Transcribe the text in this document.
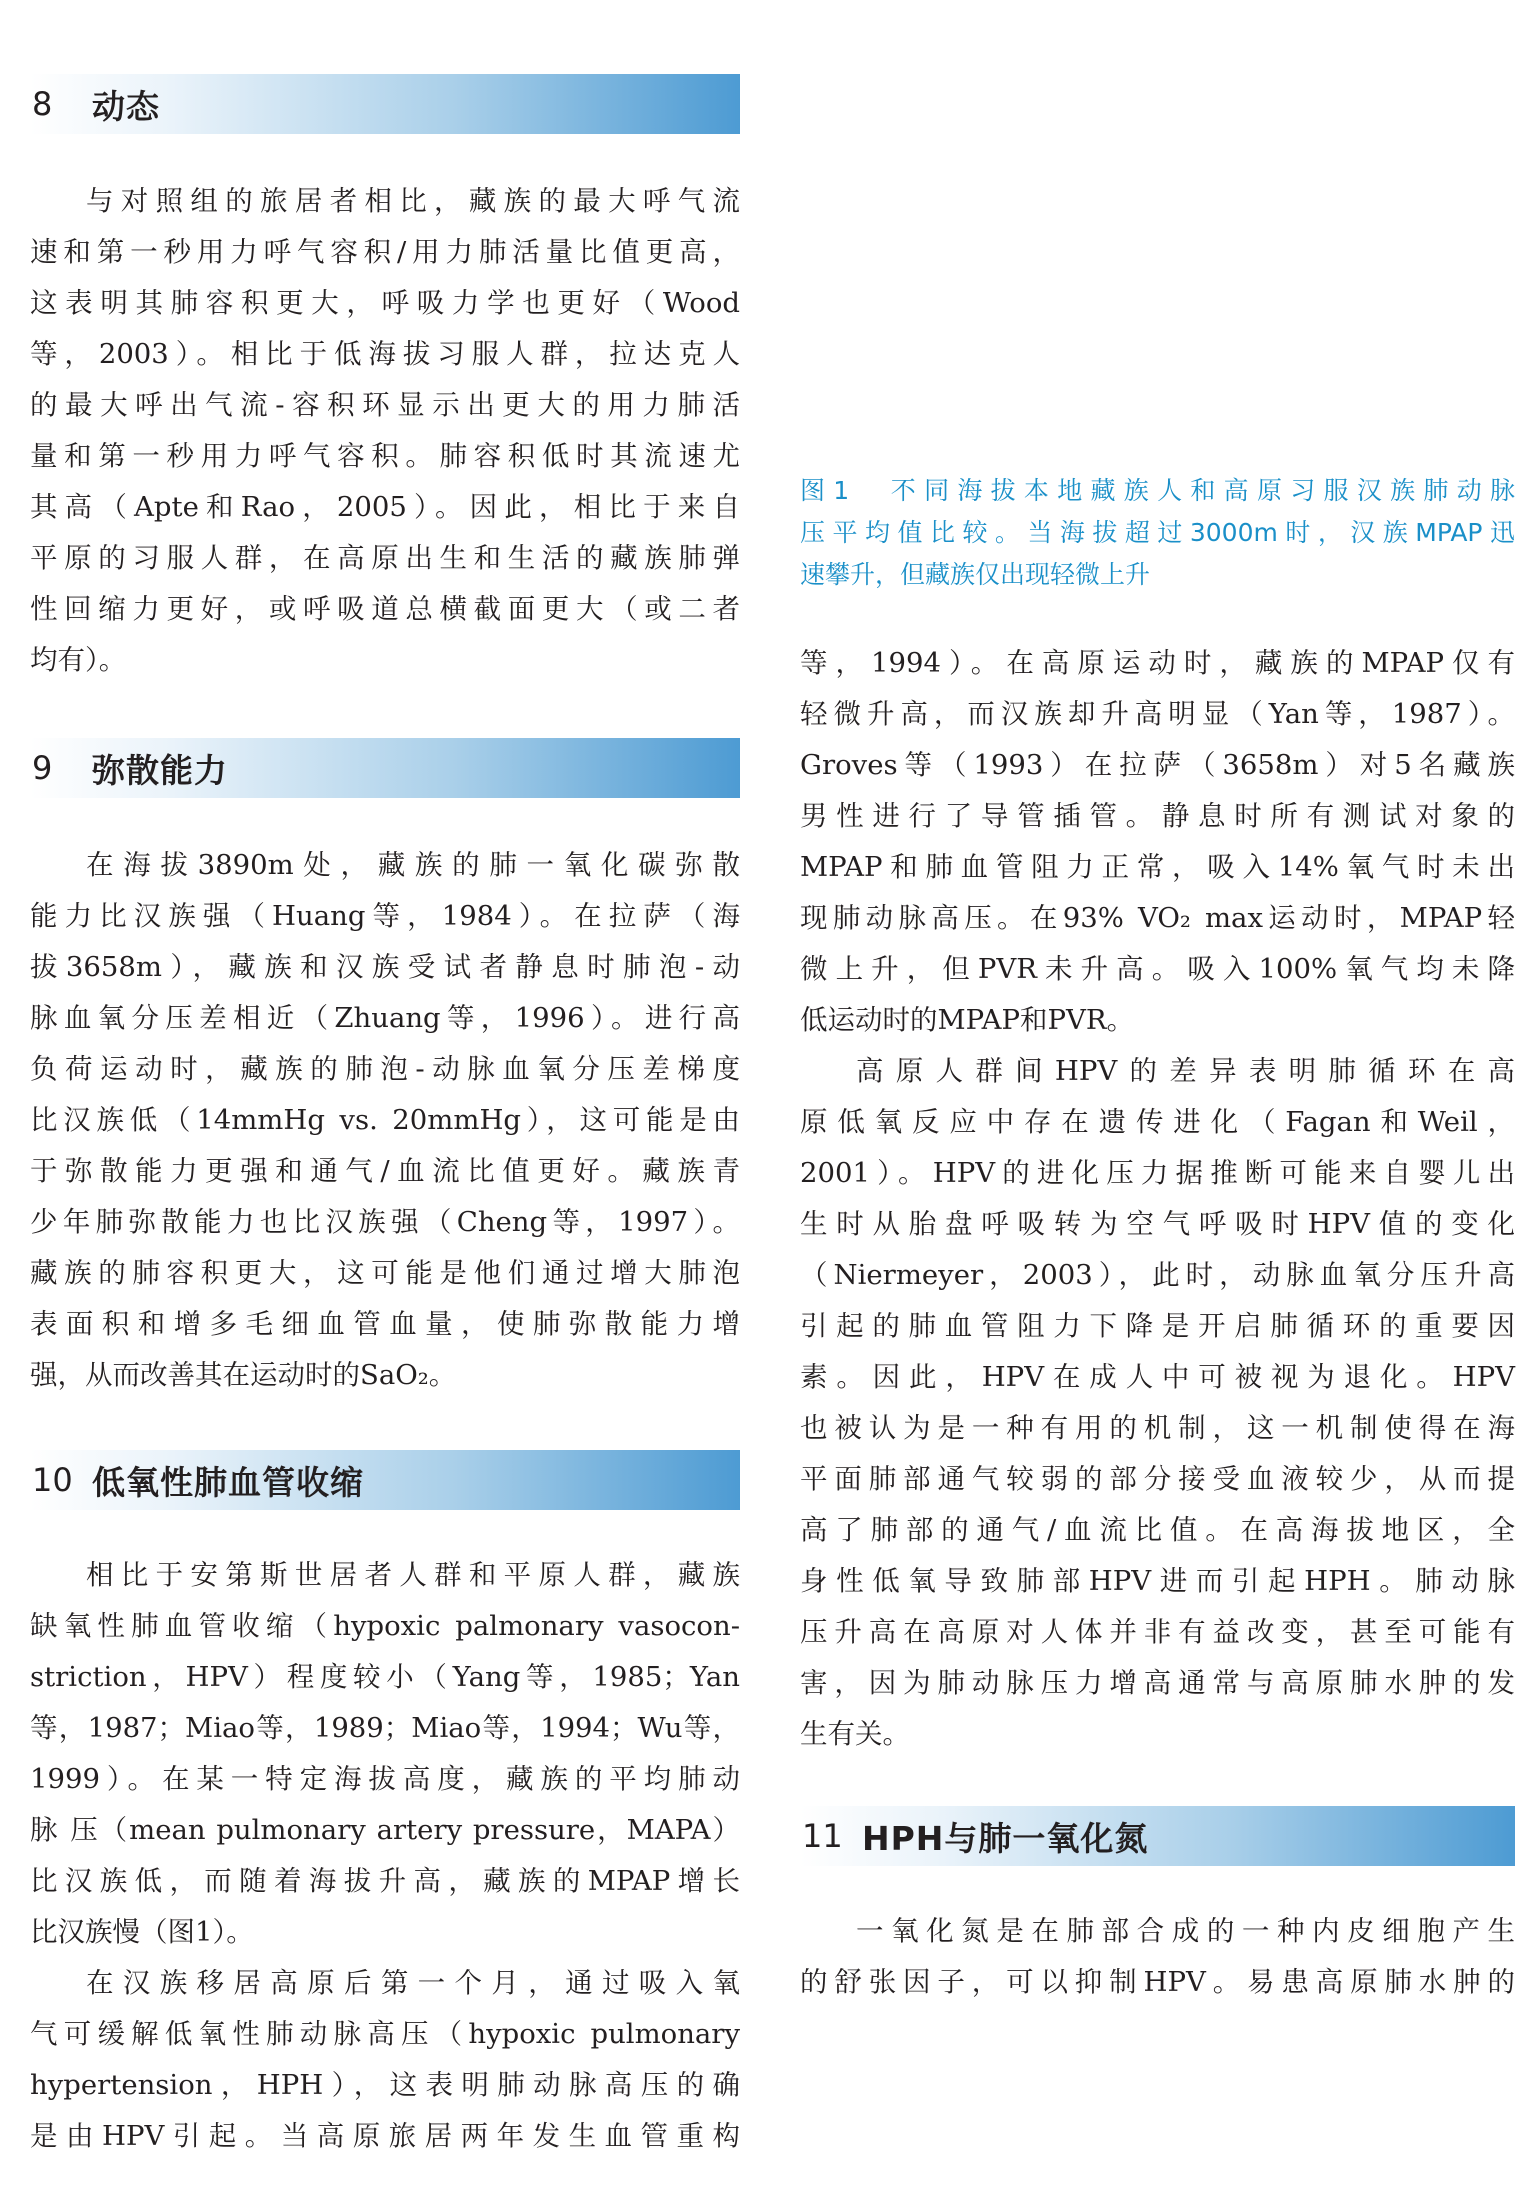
8	动态
与对照组的旅居者相比，藏族的最大呼气流
速和第一秒用力呼气容积/用力肺活量比值更高，
这表明其肺容积更大，呼吸力学也更好（Wood
等，2003）。相比于低海拔习服人群，拉达克人
的最大呼出气流-容积环显示出更大的用力肺活
量和第一秒用力呼气容积。肺容积低时其流速尤
其高（Apte和Rao，2005）。因此，相比于来自
平原的习服人群，在高原出生和生活的藏族肺弹
性回缩力更好，或呼吸道总横截面更大（或二者
均有）。
9	弥散能力
在海拔3890m处，藏族的肺一氧化碳弥散
能力比汉族强（Huang等，1984）。在拉萨（海
拔3658m），藏族和汉族受试者静息时肺泡-动
脉血氧分压差相近（Zhuang等，1996）。进行高
负荷运动时，藏族的肺泡-动脉血氧分压差梯度
比汉族低（14mmHg vs. 20mmHg），这可能是由
于弥散能力更强和通气/血流比值更好。藏族青
少年肺弥散能力也比汉族强（Cheng等，1997）。
藏族的肺容积更大，这可能是他们通过增大肺泡
表面积和增多毛细血管血量，使肺弥散能力增
强，从而改善其在运动时的SaO₂。
10 低氧性肺血管收缩
相比于安第斯世居者人群和平原人群，藏族
缺氧性肺血管收缩（hypoxic palmonary vasocon-
striction，HPV）程度较小（Yang等，1985；Yan
等，1987；Miao等，1989；Miao等，1994；Wu等，
1999）。在某一特定海拔高度，藏族的平均肺动
脉 压（mean pulmonary artery pressure，MAPA）
比汉族低，而随着海拔升高，藏族的MPAP增长
比汉族慢（图1）。
在汉族移居高原后第一个月，通过吸入氧
气可缓解低氧性肺动脉高压（hypoxic pulmonary
hypertension，HPH），这表明肺动脉高压的确
是由HPV引起。当高原旅居两年发生血管重构
图1　不同海拔本地藏族人和高原习服汉族肺动脉
压平均值比较。当海拔超过3000m时，汉族MPAP迅
速攀升，但藏族仅出现轻微上升
等，1994）。在高原运动时，藏族的MPAP仅有
轻微升高，而汉族却升高明显（Yan等，1987）。
Groves等（1993）在拉萨（3658m）对5名藏族
男性进行了导管插管。静息时所有测试对象的
MPAP和肺血管阻力正常，吸入14%氧气时未出
现肺动脉高压。在93% VO₂ max运动时，MPAP轻
微上升，但PVR未升高。吸入100%氧气均未降
低运动时的MPAP和PVR。
高原人群间HPV的差异表明肺循环在高
原低氧反应中存在遗传进化（Fagan和Weil，
2001）。HPV的进化压力据推断可能来自婴儿出
生时从胎盘呼吸转为空气呼吸时HPV值的变化
（Niermeyer，2003），此时，动脉血氧分压升高
引起的肺血管阻力下降是开启肺循环的重要因
素。因此，HPV在成人中可被视为退化。HPV
也被认为是一种有用的机制，这一机制使得在海
平面肺部通气较弱的部分接受血液较少，从而提
高了肺部的通气/血流比值。在高海拔地区，全
身性低氧导致肺部HPV进而引起HPH。肺动脉
压升高在高原对人体并非有益改变，甚至可能有
害，因为肺动脉压力增高通常与高原肺水肿的发
生有关。
11 HPH与肺一氧化氮
一氧化氮是在肺部合成的一种内皮细胞产生
的舒张因子，可以抑制HPV。易患高原肺水肿的
